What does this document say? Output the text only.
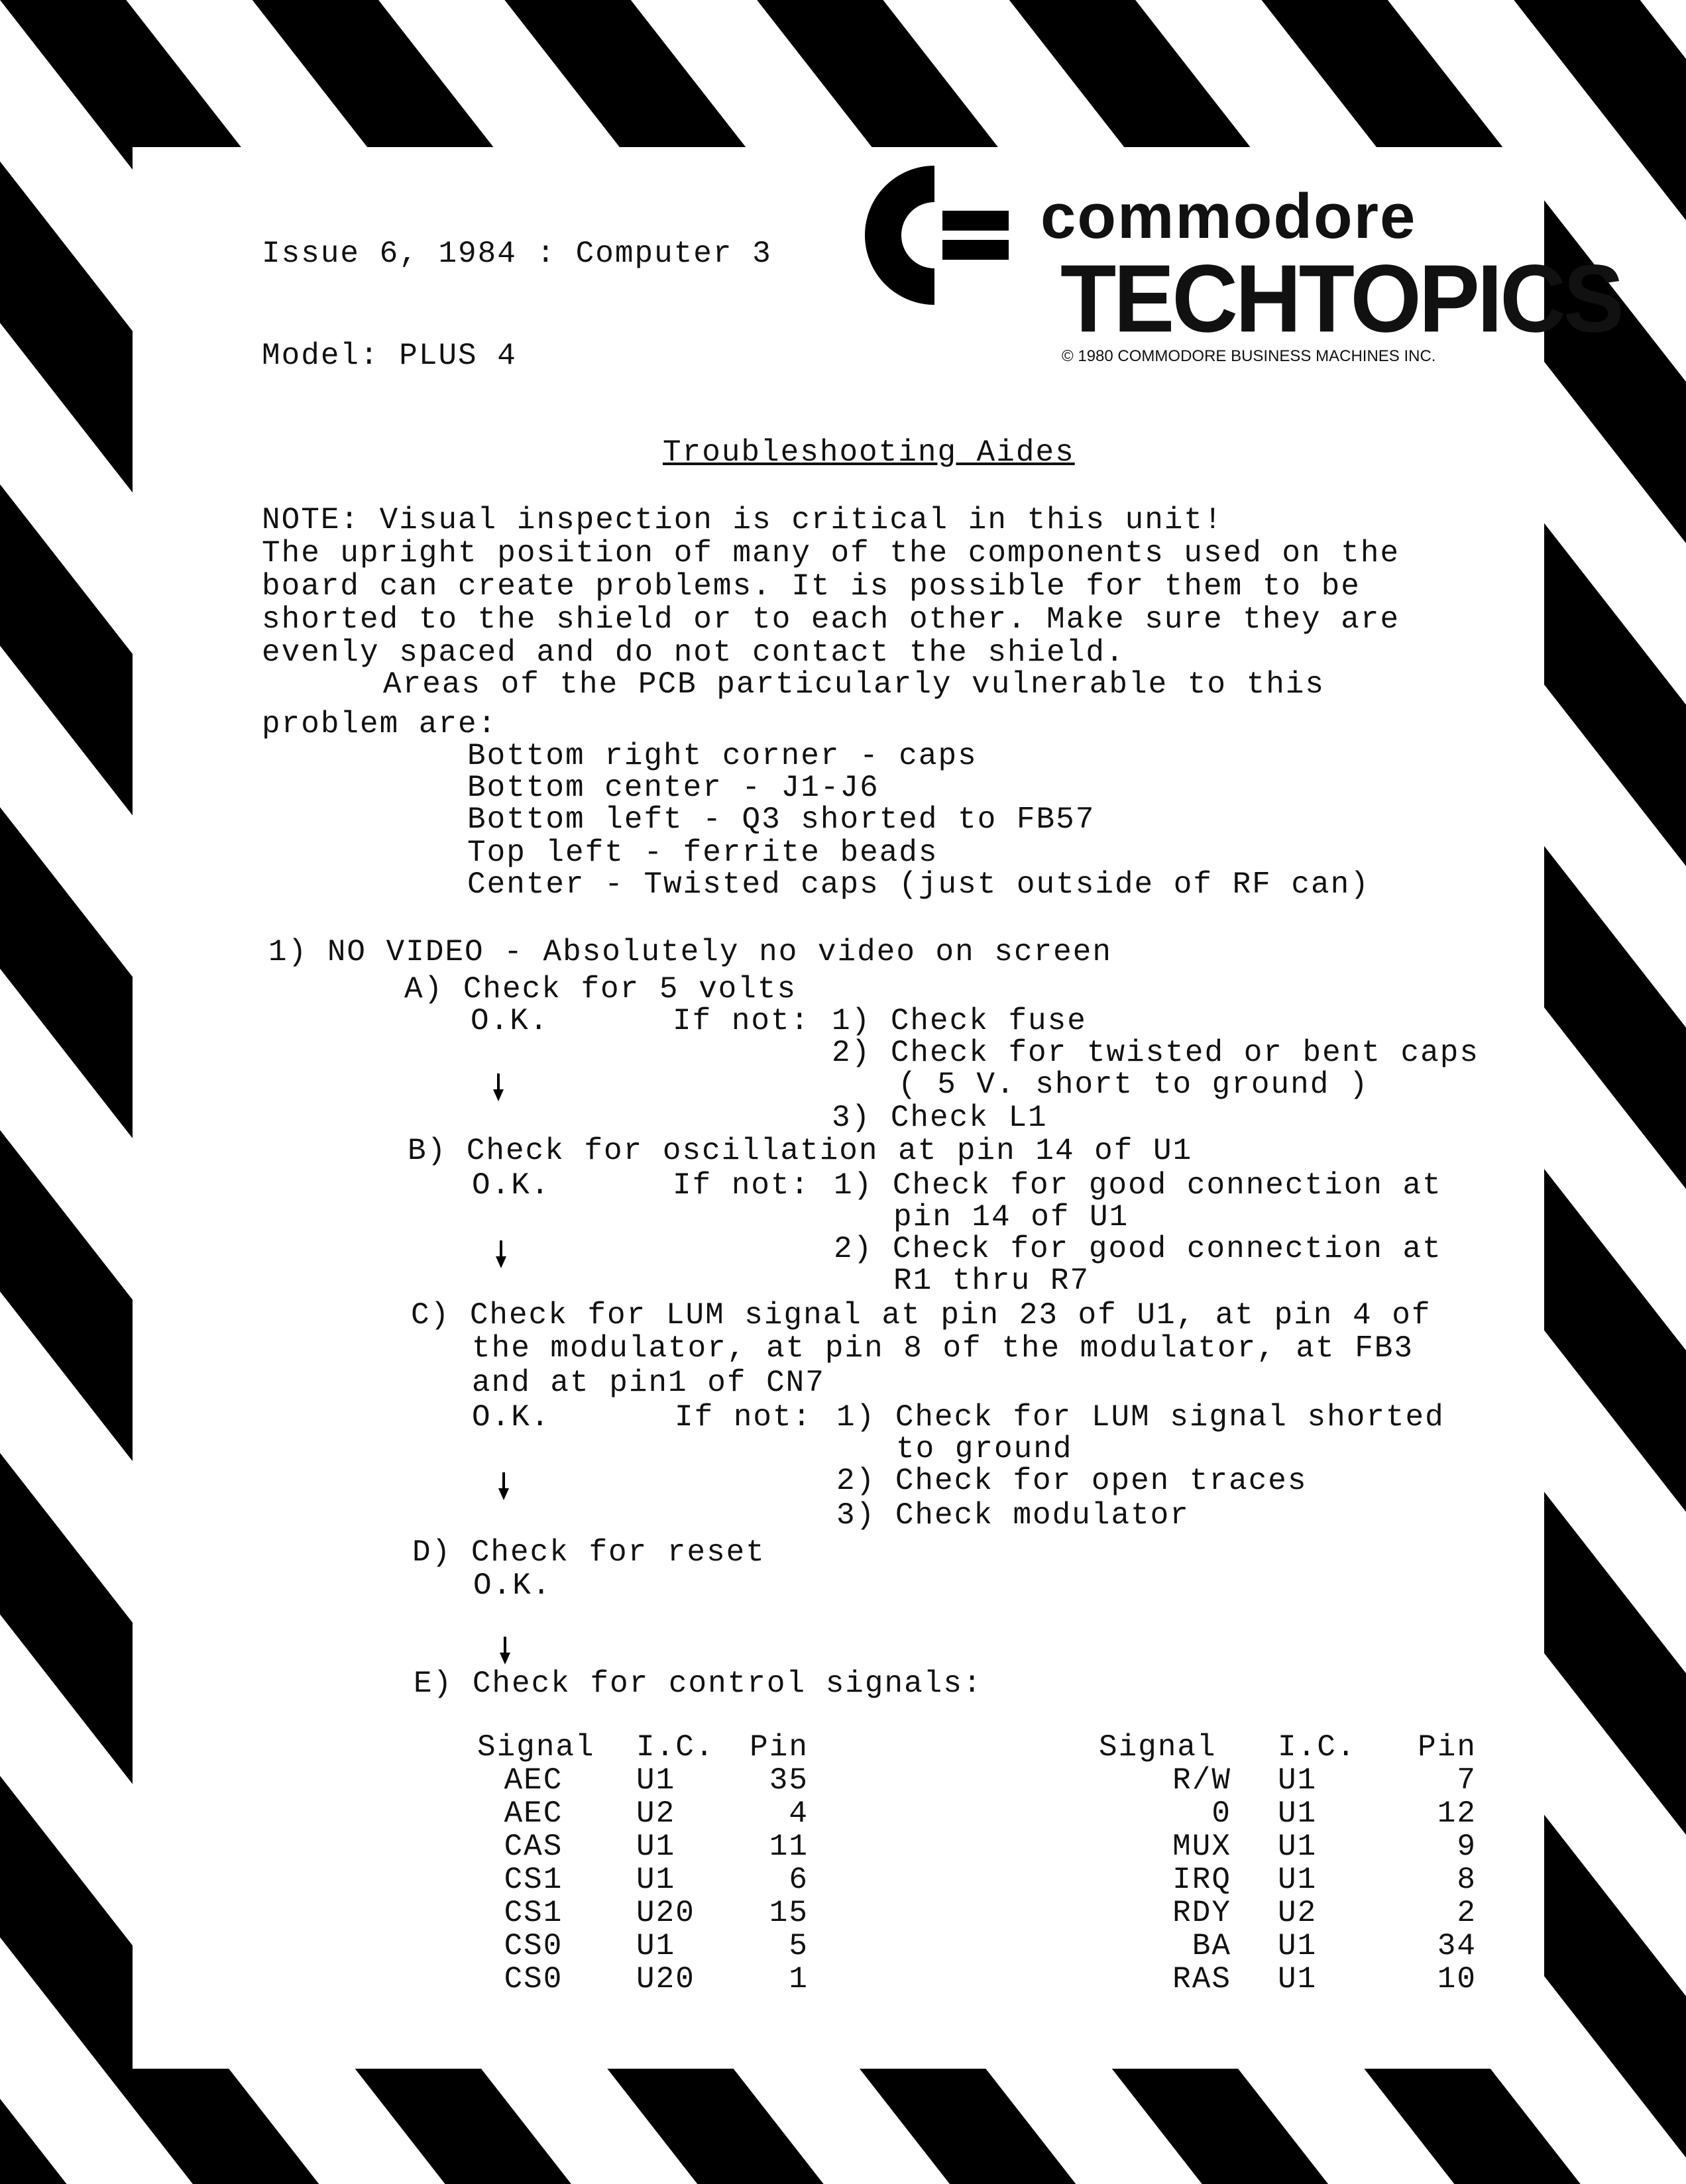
Issue 6, 1984 : Computer 3
Model: PLUS 4
commodore
TECHTOPICS
© 1980 COMMODORE BUSINESS MACHINES INC.
Troubleshooting Aides
NOTE: Visual inspection is critical in this unit!
The upright position of many of the components used on the
board can create problems. It is possible for them to be
shorted to the shield or to each other. Make sure they are
evenly spaced and do not contact the shield.
Areas of the PCB particularly vulnerable to this
problem are:
Bottom right corner - caps
Bottom center - J1-J6
Bottom left - Q3 shorted to FB57
Top left - ferrite beads
Center - Twisted caps (just outside of RF can)
1) NO VIDEO - Absolutely no video on screen
A) Check for 5 volts
O.K.	If not: 1) Check fuse
2) Check for twisted or bent caps
( 5 V. short to ground )
3) Check L1
B) Check for oscillation at pin 14 of U1
O.K.	If not: 1) Check for good connection at
pin 14 of U1
2) Check for good connection at
R1 thru R7
C) Check for LUM signal at pin 23 of U1, at pin 4 of
the modulator, at pin 8 of the modulator, at FB3
and at pin1 of CN7
O.K.	If not: 1) Check for LUM signal shorted
to ground
2) Check for open traces
3) Check modulator
D) Check for reset
O.K.
E) Check for control signals:
Signal	I.C.	Pin
AEC	U1	35
AEC	U2	4
CAS	U1	11
CS1	U1	6
CS1	U20	15
CS0	U1	5
CS0	U20	1
Signal	I.C.	Pin
R/W	U1	7
0	U1	12
MUX	U1	9
IRQ	U1	8
RDY	U2	2
BA	U1	34
RAS	U1	10
